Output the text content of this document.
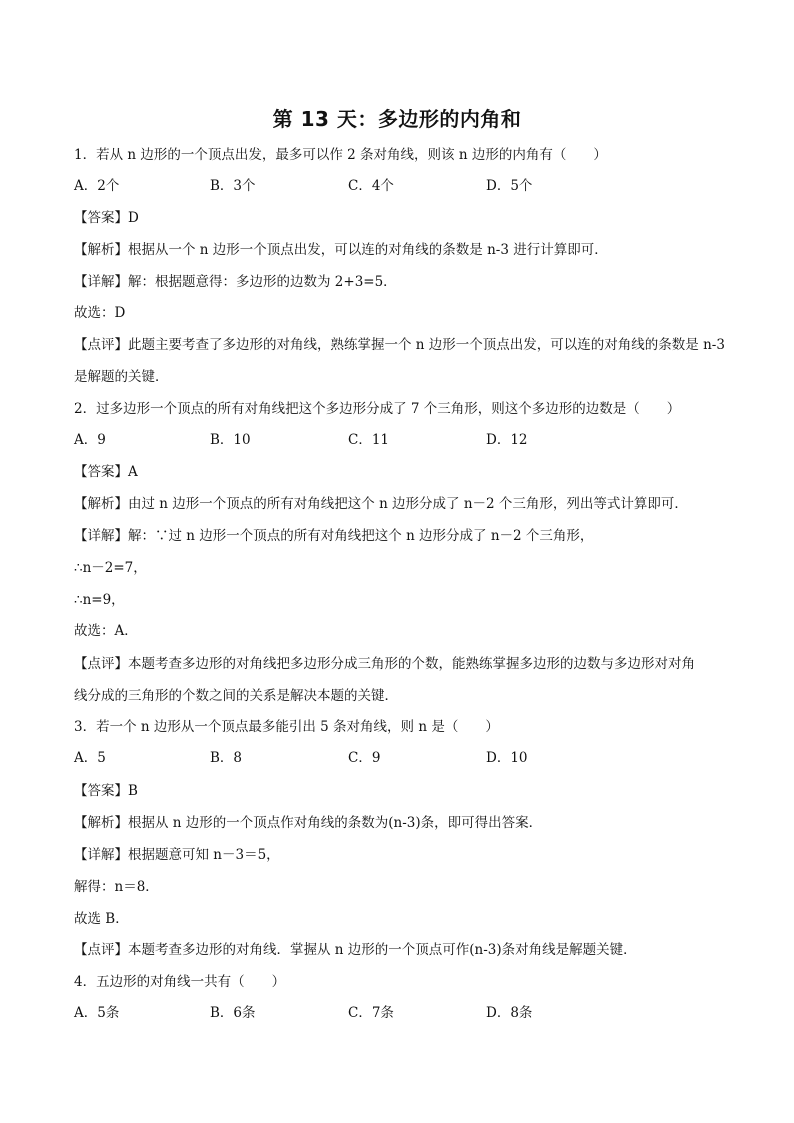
第 13 天：多边形的内角和
1．若从 n 边形的一个顶点出发，最多可以作 2 条对角线，则该 n 边形的内角有（　　）
A．2个	B．3个	C．4个	D．5个
【答案】D
【解析】根据从一个 n 边形一个顶点出发，可以连的对角线的条数是 n-3 进行计算即可．
【详解】解：根据题意得：多边形的边数为 2+3=5．
故选：D
【点评】此题主要考查了多边形的对角线，熟练掌握一个 n 边形一个顶点出发，可以连的对角线的条数是 n-3
是解题的关键．
2．过多边形一个顶点的所有对角线把这个多边形分成了 7 个三角形，则这个多边形的边数是（　　）
A．9	B．10	C．11	D．12
【答案】A
【解析】由过 n 边形一个顶点的所有对角线把这个 n 边形分成了 n－2 个三角形，列出等式计算即可．
【详解】解：∵过 n 边形一个顶点的所有对角线把这个 n 边形分成了 n－2 个三角形，
∴n－2=7，
∴n=9，
故选：A．
【点评】本题考查多边形的对角线把多边形分成三角形的个数，能熟练掌握多边形的边数与多边形对对角
线分成的三角形的个数之间的关系是解决本题的关键．
3．若一个 n 边形从一个顶点最多能引出 5 条对角线，则 n 是（　　）
A．5	B．8	C．9	D．10
【答案】B
【解析】根据从 n 边形的一个顶点作对角线的条数为(n-3)条，即可得出答案．
【详解】根据题意可知 n－3＝5，
解得：n＝8．
故选 B．
【点评】本题考查多边形的对角线．掌握从 n 边形的一个顶点可作(n-3)条对角线是解题关键．
4．五边形的对角线一共有（　　）
A．5条	B．6条	C．7条	D．8条
